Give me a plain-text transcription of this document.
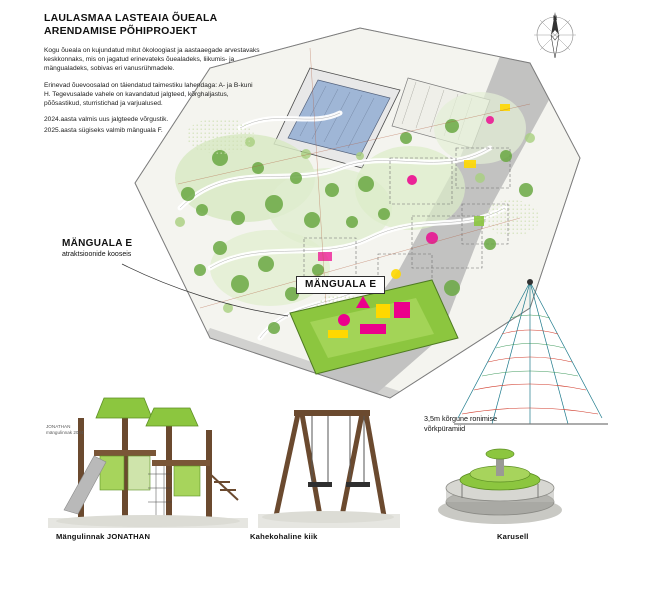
LAULASMAA LASTEAIA ÕUEALA
ARENDAMISE PÕHIPROJEKT
Kogu õueala on kujundatud mitut ökoloogiast ja aastaaegade arvestavaks keskkonnaks, mis on jagatud erinevateks õuealadeks, liikumis- ja mängualadeks, sobivas eri vanusrühmadele.
Erinevad õuevoosalad on täiendatud taimestiku lahendaga: A- ja B-kuni H. Tegevusalade vahele on kavandatud jalgteed, kõrghaljastus, põõsastikud, sturristichad ja varjualused.
2024.aasta valmis uus jalgteede võrgustik.
2025.aasta sügiseks valmib mänguala F.
N
MÄNGUALA E
atraktsioonide kooseis
MÄNGUALA E
3,5m kõrgune ronimise võrkpüramiid
JONATHAN mängulinnak 2024
Mängulinnak JONATHAN	Kahekohaline kiik	Karusell
